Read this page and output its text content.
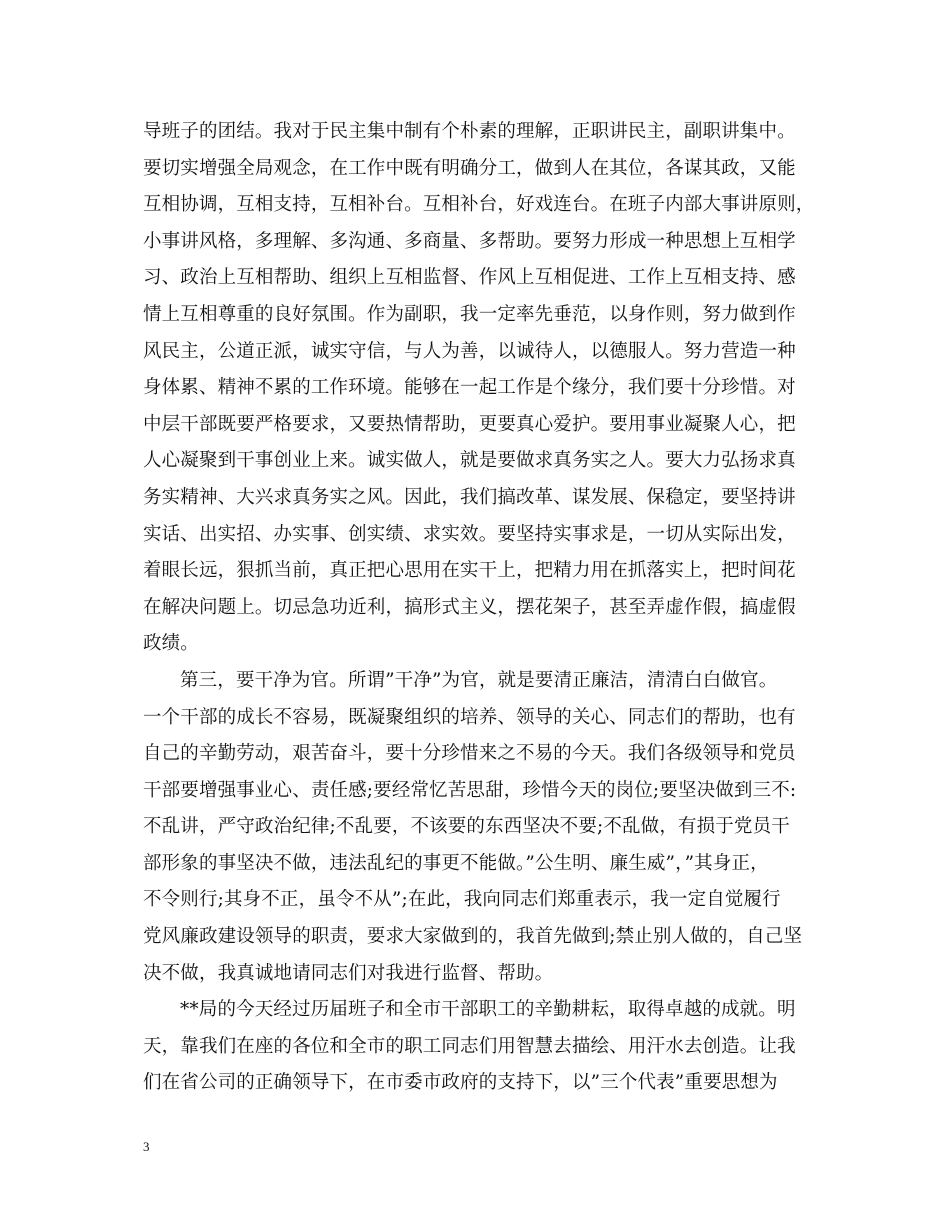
导班子的团结。我对于民主集中制有个朴素的理解，正职讲民主，副职讲集中。
要切实增强全局观念，在工作中既有明确分工，做到人在其位，各谋其政，又能
互相协调，互相支持，互相补台。互相补台，好戏连台。在班子内部大事讲原则，
小事讲风格，多理解、多沟通、多商量、多帮助。要努力形成一种思想上互相学
习、政治上互相帮助、组织上互相监督、作风上互相促进、工作上互相支持、感
情上互相尊重的良好氛围。作为副职，我一定率先垂范，以身作则，努力做到作
风民主，公道正派，诚实守信，与人为善，以诚待人，以德服人。努力营造一种
身体累、精神不累的工作环境。能够在一起工作是个缘分，我们要十分珍惜。对
中层干部既要严格要求，又要热情帮助，更要真心爱护。要用事业凝聚人心，把
人心凝聚到干事创业上来。诚实做人，就是要做求真务实之人。要大力弘扬求真
务实精神、大兴求真务实之风。因此，我们搞改革、谋发展、保稳定，要坚持讲
实话、出实招、办实事、创实绩、求实效。要坚持实事求是，一切从实际出发，
着眼长远，狠抓当前，真正把心思用在实干上，把精力用在抓落实上，把时间花
在解决问题上。切忌急功近利，搞形式主义，摆花架子，甚至弄虚作假，搞虚假
政绩。
第三，要干净为官。所谓”干净”为官，就是要清正廉洁，清清白白做官。
一个干部的成长不容易，既凝聚组织的培养、领导的关心、同志们的帮助，也有
自己的辛勤劳动，艰苦奋斗，要十分珍惜来之不易的今天。我们各级领导和党员
干部要增强事业心、责任感;要经常忆苦思甜，珍惜今天的岗位;要坚决做到三不:
不乱讲，严守政治纪律;不乱要，不该要的东西坚决不要;不乱做，有损于党员干
部形象的事坚决不做，违法乱纪的事更不能做。”公生明、廉生威”，”其身正，
不令则行;其身不正，虽令不从”;在此，我向同志们郑重表示，我一定自觉履行
党风廉政建设领导的职责，要求大家做到的，我首先做到;禁止别人做的，自己坚
决不做，我真诚地请同志们对我进行监督、帮助。
**局的今天经过历届班子和全市干部职工的辛勤耕耘，取得卓越的成就。明
天，靠我们在座的各位和全市的职工同志们用智慧去描绘、用汗水去创造。让我
们在省公司的正确领导下，在市委市政府的支持下，以”三个代表”重要思想为
3
